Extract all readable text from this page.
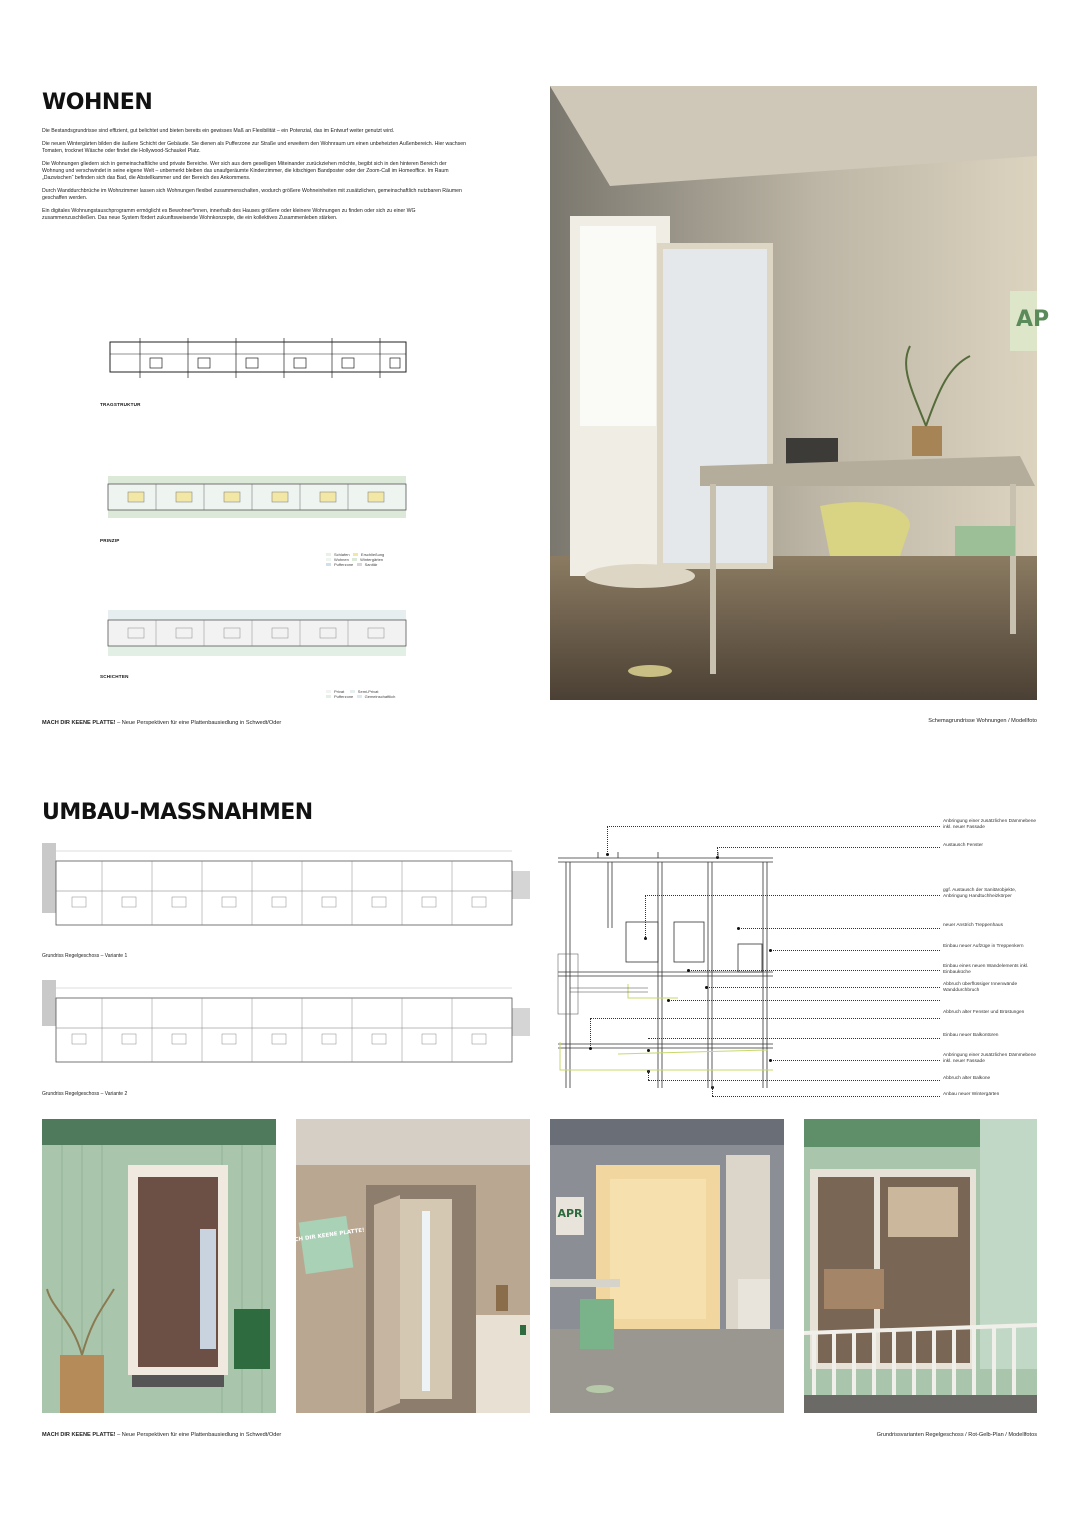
WOHNEN

Die Bestandsgrundrisse sind effizient, gut belichtet und bieten bereits ein gewisses Maß an Flexibilität – ein Potenzial, das im Entwurf weiter genutzt wird.

Die neuen Wintergärten bilden die äußere Schicht der Gebäude. Sie dienen als Pufferzone zur Straße und erweitern den Wohnraum um einen unbeheizten Außenbereich. Hier wachsen Tomaten, trocknet Wäsche oder findet die Hollywood-Schaukel Platz.

Die Wohnungen gliedern sich in gemeinschaftliche und private Bereiche. Wer sich aus dem geselligen Miteinander zurückziehen möchte, begibt sich in den hinteren Bereich der Wohnung und verschwindet in seine eigene Welt – unbemerkt bleiben das unaufgeräumte Kinderzimmer, die kitschigen Bandposter oder der Zoom-Call im Homeoffice. Im Raum „Dazwischen“ befinden sich das Bad, die Abstellkammer und der Bereich des Ankommens.

Durch Wanddurchbrüche im Wohnzimmer lassen sich Wohnungen flexibel zusammenschalten, wodurch größere Wohneinheiten mit zusätzlichen, gemeinschaftlich nutzbaren Räumen geschaffen werden.

Ein digitales Wohnungstauschprogramm ermöglicht es Bewohner*innen, innerhalb des Hauses größere oder kleinere Wohnungen zu finden oder sich zu einer WG zusammenzuschließen. Das neue System fördert zukunftsweisende Wohnkonzepte, die ein kollektives Zusammenleben stärken.

TRAGSTRUKTUR
PRINZIP
Schlafen	Erschließung
Wohnen	Wintergärten
Pufferzone	Sanitär
SCHICHTEN
Privat	Semi-Privat
Pufferzone	Gemeinschaftlich
AP
MACH DIR KEENE PLATTE! – Neue Perspektiven für eine Plattenbausiedlung in Schwedt/Oder	Schemagrundrisse Wohnungen / Modellfoto
UMBAU-MASSNAHMEN
Grundriss Regelgeschoss – Variante 1
Grundriss Regelgeschoss – Variante 2
Anbringung einer zusätzlichen Dämmebene inkl. neuer Fassade
Austausch Fenster
ggf. Austausch der Sanitärobjekte, Anbringung Handtuchheizkörper
neuer Anstrich Treppenhaus
Einbau neuer Aufzüge in Treppenkern
Einbau eines neuen Wandelements inkl. Einbauküche
Abbruch überflüssiger Innenwände Wanddurchbruch
Abbruch alter Fenster und Brüstungen
Einbau neuer Balkontüren
Anbringung einer zusätzlichen Dämmebene inkl. neuer Fassade
Abbruch alter Balkone
Anbau neuer Wintergärten
MACH DIR KEENE PLATTE!
APR
MACH DIR KEENE PLATTE! – Neue Perspektiven für eine Plattenbausiedlung in Schwedt/Oder	Grundrissvarianten Regelgeschoss / Rot-Gelb-Plan / Modellfotos
